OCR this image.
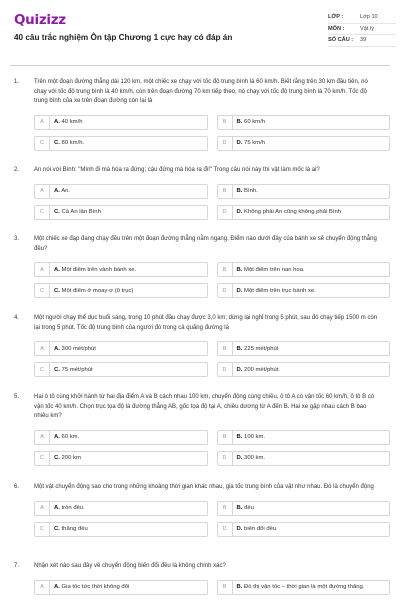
Quizizz
40 câu trắc nghiệm Ôn tập Chương 1 cực hay có đáp án
LỚP :	Lớp 10
MÔN :	Vật lý
SỐ CÂU :	39
1.	Trên một đoạn đường thẳng dài 120 km, một chiếc xe chạy với tốc độ trung bình là 60 km/h. Biết rằng trên 30 km đầu tiên, nó chạy với tốc độ trung bình là 40 km/h, còn trên đoạn đường 70 km tiếp theo, nó chạy với tốc độ trung bình là 70 km/h. Tốc độ trung bình của xe trên đoạn đường còn lại là
A	A. 40 km/h	B	B. 60 km/h
C	C. 80 km/h.	D	D. 75 km/h
2.	An nói với Bình: "Mình đi mà hóa ra đứng; cậu đứng mà hóa ra đi!" Trong câu nói này thì vật làm mốc là ai?
A	A. An.	B	B. Bình.
C	C. Cả An lẫn Bình	D	D. Không phải An cũng không phải Bình
3.	Một chiếc xe đạp đang chạy đều trên một đoạn đường thẳng nằm ngang. Điểm nào dưới đây của bánh xe sẽ chuyển động thẳng đều?
A	A. Một điểm trên vành bánh xe.	B	B. Một điểm trên nan hoa.
C	C. Một điểm ở moay-ơ (ổ trục)	D	D. Một điểm trên trục bánh xe.
4.	Một người chạy thể dục buổi sáng, trong 10 phút đầu chạy được 3,0 km; dừng lại nghỉ trong 5 phút, sau đó chạy tiếp 1500 m còn lại trong 5 phút. Tốc độ trung bình của người đó trong cả quãng đường là
A	A. 300 mét/phút	B	B. 225 mét/phút
C	C. 75 mét/phút	D	D. 200 mét/phút.
5.	Hai ô tô cùng khởi hành từ hai địa điểm A và B cách nhau 100 km, chuyển động cùng chiều, ô tô A có vận tốc 60 km/h, ô tô B có vận tốc 40 km/h. Chọn trục tọa độ là đường thẳng AB, gốc tọa độ tại A, chiều dương từ A đến B. Hai xe gặp nhau cách B bao nhiêu km?
A	A. 60 km.	B	B. 100 km.
C	C. 200 km	D	D. 300 km.
6.	Một vật chuyển động sao cho trong những khoảng thời gian khác nhau, gia tốc trung bình của vật như nhau. Đó là chuyển động
A	A. tròn đều.	B	B. đều
C	C. thẳng đều	D	D. biến đổi đều
7.	Nhận xét nào sau đây về chuyển động biến đổi đều là không chính xác?
A	A. Gia tốc tức thời không đổi	B	B. Đồ thị vận tốc – thời gian là một đường thẳng.
